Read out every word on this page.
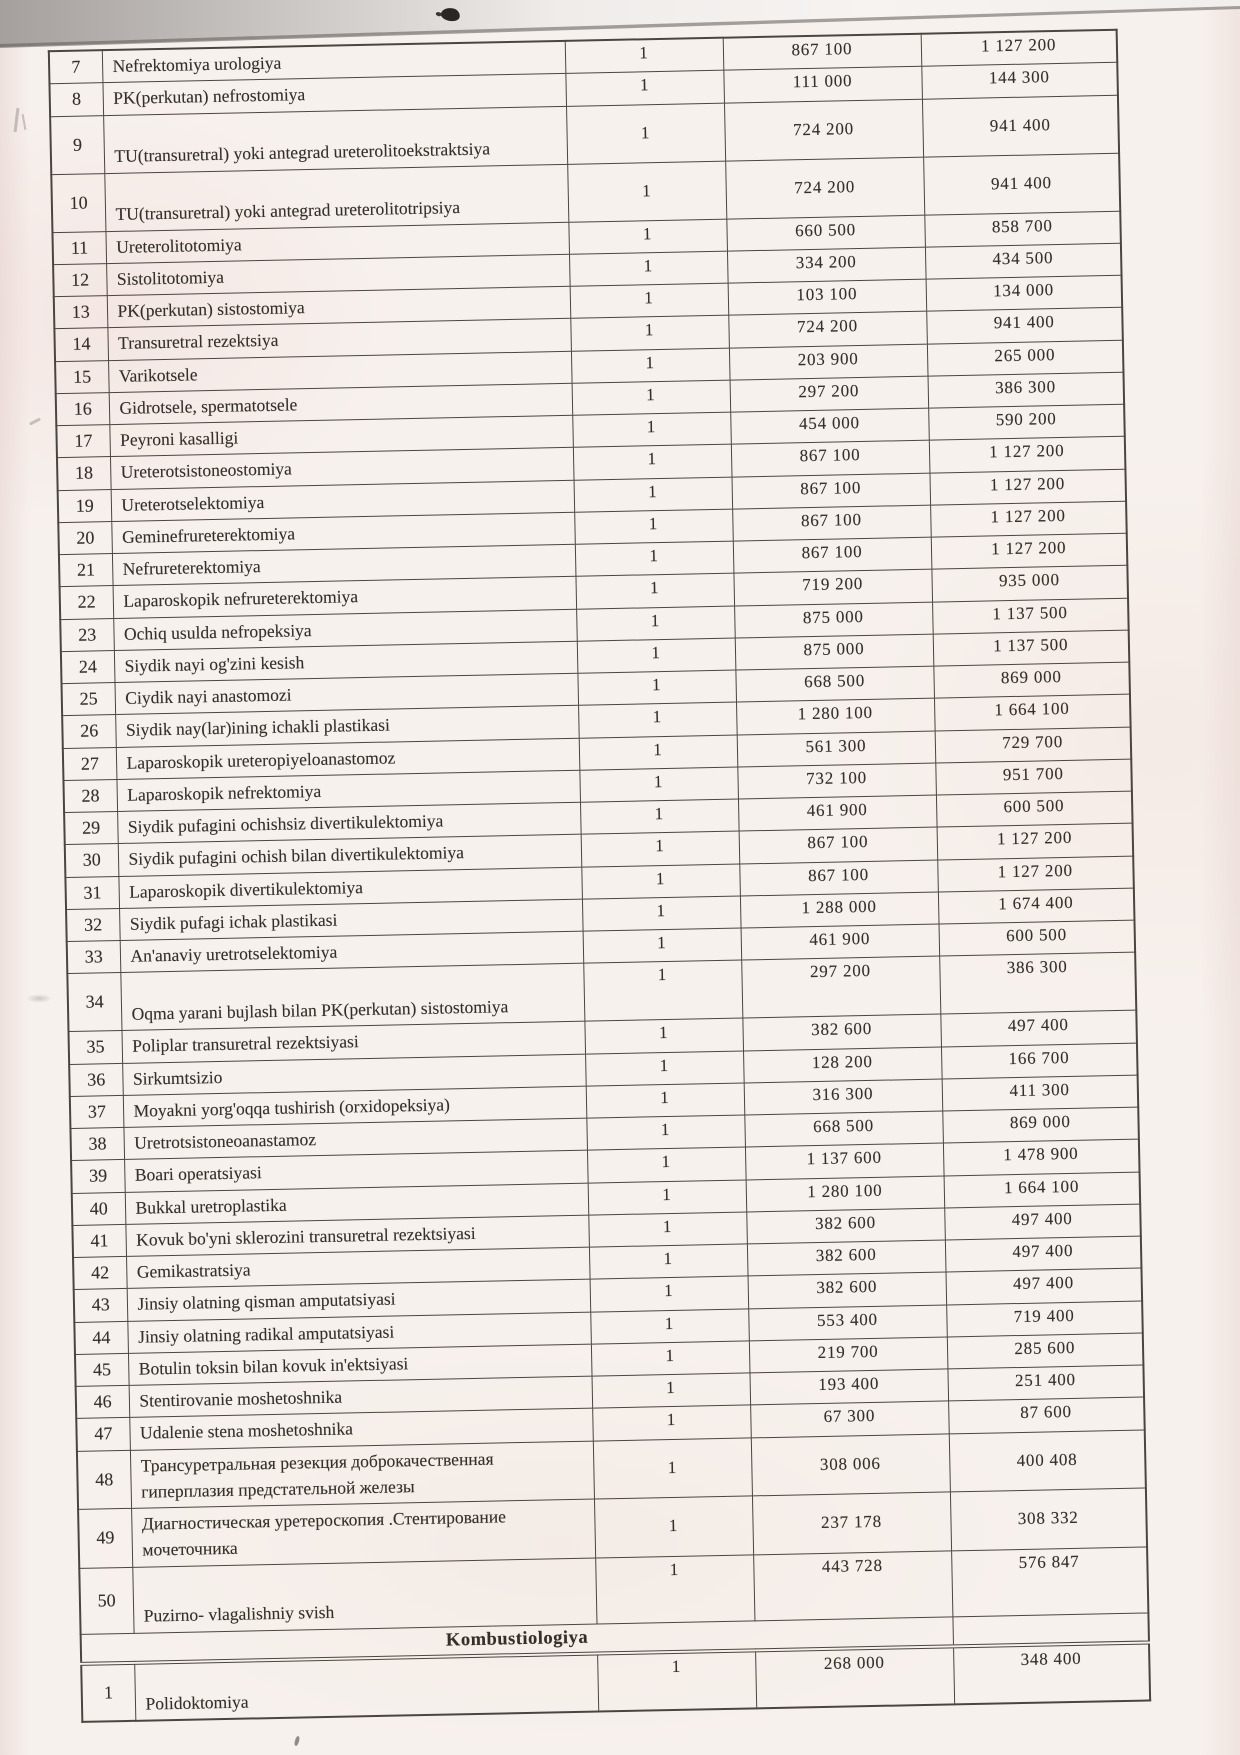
7	Nefrektomiya urologiya	1	867 100	1 127 200
8	PK(perkutan) nefrostomiya	1	111 000	144 300
9	TU(transuretral) yoki antegrad ureterolitoekstraktsiya	1	724 200	941 400
10	TU(transuretral) yoki antegrad ureterolitotripsiya	1	724 200	941 400
11	Ureterolitotomiya	1	660 500	858 700
12	Sistolitotomiya	1	334 200	434 500
13	PK(perkutan) sistostomiya	1	103 100	134 000
14	Transuretral rezektsiya	1	724 200	941 400
15	Varikotsele	1	203 900	265 000
16	Gidrotsele, spermatotsele	1	297 200	386 300
17	Peyroni kasalligi	1	454 000	590 200
18	Ureterotsistoneostomiya	1	867 100	1 127 200
19	Ureterotselektomiya	1	867 100	1 127 200
20	Geminefrureterektomiya	1	867 100	1 127 200
21	Nefrureterektomiya	1	867 100	1 127 200
22	Laparoskopik nefrureterektomiya	1	719 200	935 000
23	Ochiq usulda nefropeksiya	1	875 000	1 137 500
24	Siydik nayi og'zini kesish	1	875 000	1 137 500
25	Ciydik nayi anastomozi	1	668 500	869 000
26	Siydik nay(lar)ining ichakli plastikasi	1	1 280 100	1 664 100
27	Laparoskopik ureteropiyeloanastomoz	1	561 300	729 700
28	Laparoskopik nefrektomiya	1	732 100	951 700
29	Siydik pufagini ochishsiz divertikulektomiya	1	461 900	600 500
30	Siydik pufagini ochish bilan divertikulektomiya	1	867 100	1 127 200
31	Laparoskopik divertikulektomiya	1	867 100	1 127 200
32	Siydik pufagi ichak plastikasi	1	1 288 000	1 674 400
33	An'anaviy uretrotselektomiya	1	461 900	600 500
34	Oqma yarani bujlash bilan PK(perkutan) sistostomiya	1	297 200	386 300
35	Poliplar transuretral rezektsiyasi	1	382 600	497 400
36	Sirkumtsizio	1	128 200	166 700
37	Moyakni yorg'oqqa tushirish (orxidopeksiya)	1	316 300	411 300
38	Uretrotsistoneoanastamoz	1	668 500	869 000
39	Boari operatsiyasi	1	1 137 600	1 478 900
40	Bukkal uretroplastika	1	1 280 100	1 664 100
41	Kovuk bo'yni sklerozini transuretral rezektsiyasi	1	382 600	497 400
42	Gemikastratsiya	1	382 600	497 400
43	Jinsiy olatning qisman amputatsiyasi	1	382 600	497 400
44	Jinsiy olatning radikal amputatsiyasi	1	553 400	719 400
45	Botulin toksin bilan kovuk in'ektsiyasi	1	219 700	285 600
46	Stentirovanie moshetoshnika	1	193 400	251 400
47	Udalenie stena moshetoshnika	1	67 300	87 600
48	Трансуретральная резекция доброкачественная гиперплазия предстательной железы	1	308 006	400 408
49	Диагностическая уретероскопия .Стентирование мочеточника	1	237 178	308 332
50	Puzirno- vlagalishniy svish	1	443 728	576 847
Kombustiologiya				
1	Polidoktomiya	1	268 000	348 400
